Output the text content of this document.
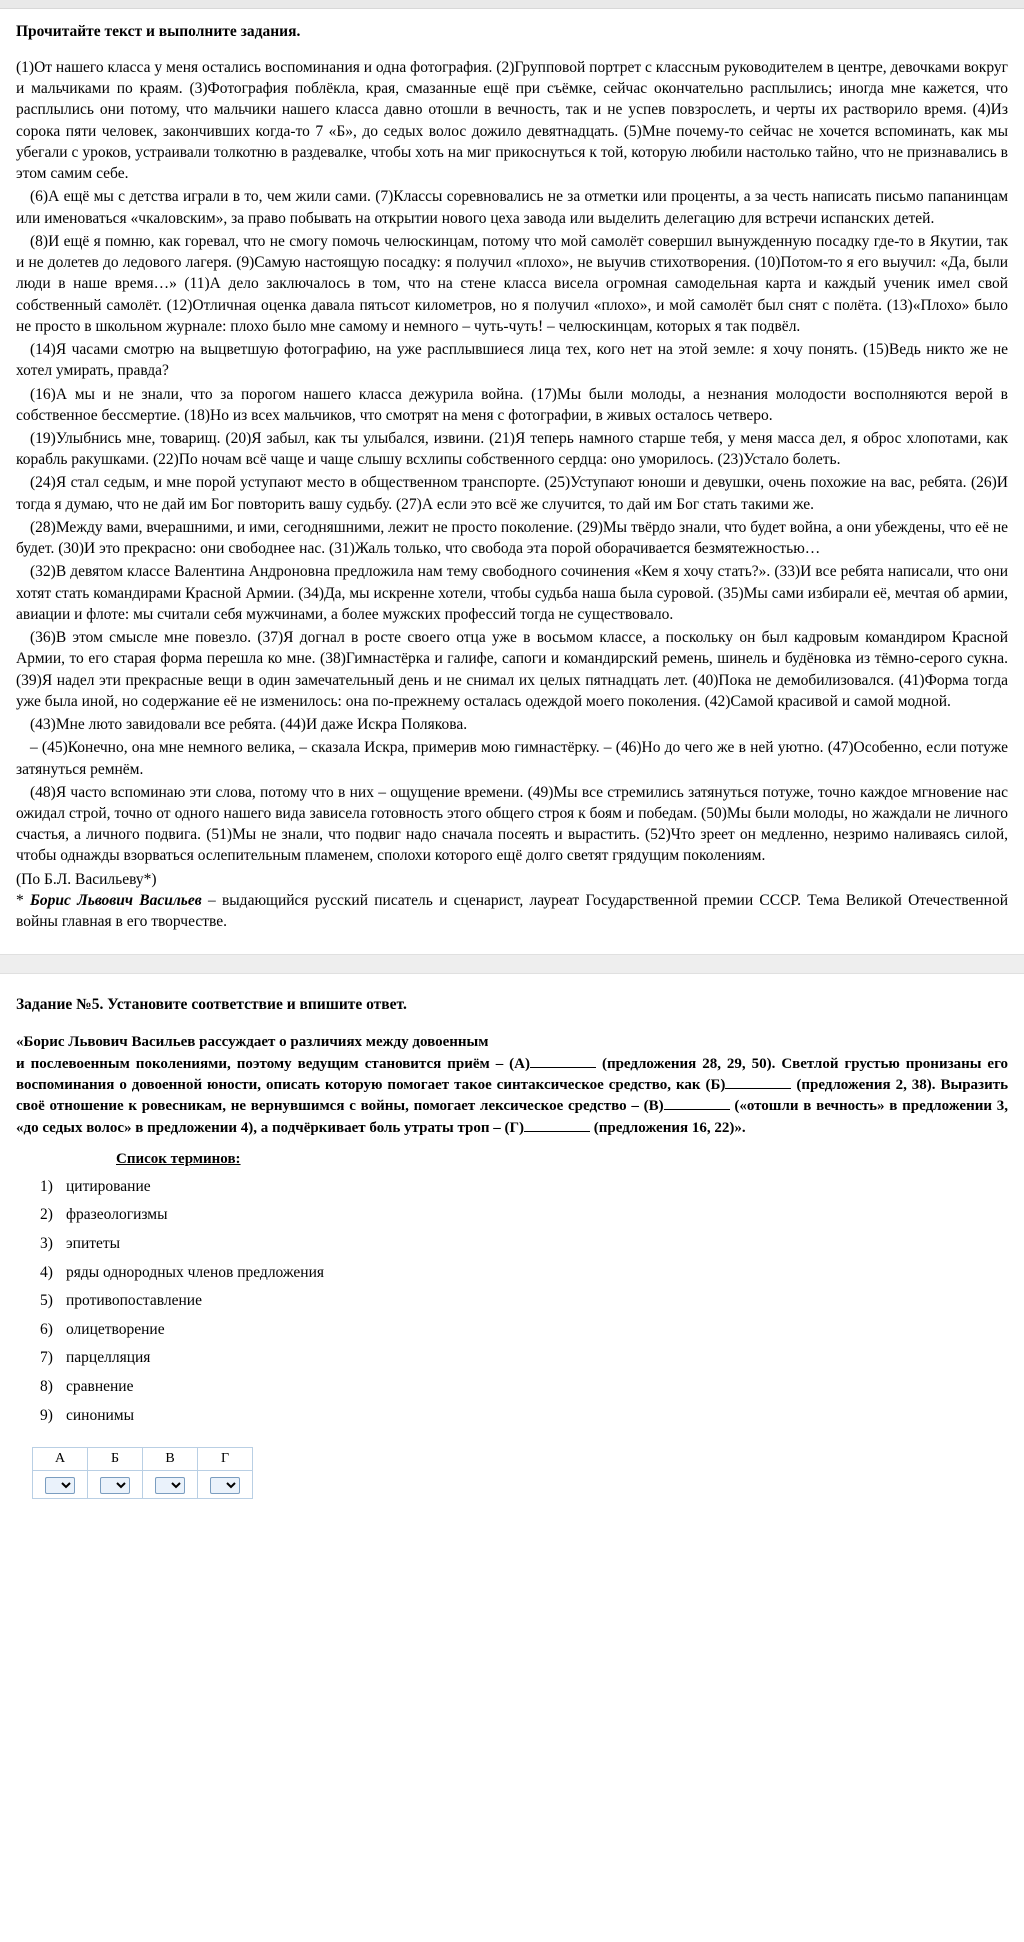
Прочитайте текст и выполните задания.

(1)От нашего класса у меня остались воспоминания и одна фотография. (2)Групповой портрет с классным руководителем в центре, девочками вокруг и мальчиками по краям. (3)Фотография поблёкла, края, смазанные ещё при съёмке, сейчас окончательно расплылись; иногда мне кажется, что расплылись они потому, что мальчики нашего класса давно отошли в вечность, так и не успев повзрослеть, и черты их растворило время. (4)Из сорока пяти человек, закончивших когда-то 7 «Б», до седых волос дожило девятнадцать. (5)Мне почему-то сейчас не хочется вспоминать, как мы убегали с уроков, устраивали толкотню в раздевалке, чтобы хоть на миг прикоснуться к той, которую любили настолько тайно, что не признавались в этом самим себе.

(6)А ещё мы с детства играли в то, чем жили сами. (7)Классы соревновались не за отметки или проценты, а за честь написать письмо папанинцам или именоваться «чкаловским», за право побывать на открытии нового цеха завода или выделить делегацию для встречи испанских детей.

(8)И ещё я помню, как горевал, что не смогу помочь челюскинцам, потому что мой самолёт совершил вынужденную посадку где-то в Якутии, так и не долетев до ледового лагеря. (9)Самую настоящую посадку: я получил «плохо», не выучив стихотворения. (10)Потом-то я его выучил: «Да, были люди в наше время…» (11)А дело заключалось в том, что на стене класса висела огромная самодельная карта и каждый ученик имел свой собственный самолёт. (12)Отличная оценка давала пятьсот километров, но я получил «плохо», и мой самолёт был снят с полёта. (13)«Плохо» было не просто в школьном журнале: плохо было мне самому и немного – чуть-чуть! – челюскинцам, которых я так подвёл.

(14)Я часами смотрю на выцветшую фотографию, на уже расплывшиеся лица тех, кого нет на этой земле: я хочу понять. (15)Ведь никто же не хотел умирать, правда?

(16)А мы и не знали, что за порогом нашего класса дежурила война. (17)Мы были молоды, а незнания молодости восполняются верой в собственное бессмертие. (18)Но из всех мальчиков, что смотрят на меня с фотографии, в живых осталось четверо.

(19)Улыбнись мне, товарищ. (20)Я забыл, как ты улыбался, извини. (21)Я теперь намного старше тебя, у меня масса дел, я оброс хлопотами, как корабль ракушками. (22)По ночам всё чаще и чаще слышу всхлипы собственного сердца: оно уморилось. (23)Устало болеть.

(24)Я стал седым, и мне порой уступают место в общественном транспорте. (25)Уступают юноши и девушки, очень похожие на вас, ребята. (26)И тогда я думаю, что не дай им Бог повторить вашу судьбу. (27)А если это всё же случится, то дай им Бог стать такими же.

(28)Между вами, вчерашними, и ими, сегодняшними, лежит не просто поколение. (29)Мы твёрдо знали, что будет война, а они убеждены, что её не будет. (30)И это прекрасно: они свободнее нас. (31)Жаль только, что свобода эта порой оборачивается безмятежностью…

(32)В девятом классе Валентина Андроновна предложила нам тему свободного сочинения «Кем я хочу стать?». (33)И все ребята написали, что они хотят стать командирами Красной Армии. (34)Да, мы искренне хотели, чтобы судьба наша была суровой. (35)Мы сами избирали её, мечтая об армии, авиации и флоте: мы считали себя мужчинами, а более мужских профессий тогда не существовало.

(36)В этом смысле мне повезло. (37)Я догнал в росте своего отца уже в восьмом классе, а поскольку он был кадровым командиром Красной Армии, то его старая форма перешла ко мне. (38)Гимнастёрка и галифе, сапоги и командирский ремень, шинель и будёновка из тёмно-серого сукна. (39)Я надел эти прекрасные вещи в один замечательный день и не снимал их целых пятнадцать лет. (40)Пока не демобилизовался. (41)Форма тогда уже была иной, но содержание её не изменилось: она по-прежнему осталась одеждой моего поколения. (42)Самой красивой и самой модной.

(43)Мне люто завидовали все ребята. (44)И даже Искра Полякова.

– (45)Конечно, она мне немного велика, – сказала Искра, примерив мою гимнастёрку. – (46)Но до чего же в ней уютно. (47)Особенно, если потуже затянуться ремнём.

(48)Я часто вспоминаю эти слова, потому что в них – ощущение времени. (49)Мы все стремились затянуться потуже, точно каждое мгновение нас ожидал строй, точно от одного нашего вида зависела готовность этого общего строя к боям и победам. (50)Мы были молоды, но жаждали не личного счастья, а личного подвига. (51)Мы не знали, что подвиг надо сначала посеять и вырастить. (52)Что зреет он медленно, незримо наливаясь силой, чтобы однажды взорваться ослепительным пламенем, сполохи которого ещё долго светят грядущим поколениям.

(По Б.Л. Васильеву*)

* Борис Львович Васильев – выдающийся русский писатель и сценарист, лауреат Государственной премии СССР. Тема Великой Отечественной войны главная в его творчестве.

Задание №5. Установите соответствие и впишите ответ.
«Борис Львович Васильев рассуждает о различиях между довоенным
и послевоенным поколениями, поэтому ведущим становится приём – (А)	(предложения 28, 29, 50). Светлой грустью пронизаны его воспоминания о довоенной юности, описать которую помогает такое синтаксическое средство, как (Б)	(предложения 2, 38). Выразить своё отношение к ровесникам, не вернувшимся с войны, помогает лексическое средство – (В)	(«отошли в вечность» в предложении 3, «до седых волос» в предложении 4), а подчёркивает боль утраты троп – (Г)	(предложения 16, 22)».
Список терминов:
1) цитирование
2) фразеологизмы
3) эпитеты
4) ряды однородных членов предложения
5) противопоставление
6) олицетворение
7) парцелляция
8) сравнение
9) синонимы
А	Б	В	Г
